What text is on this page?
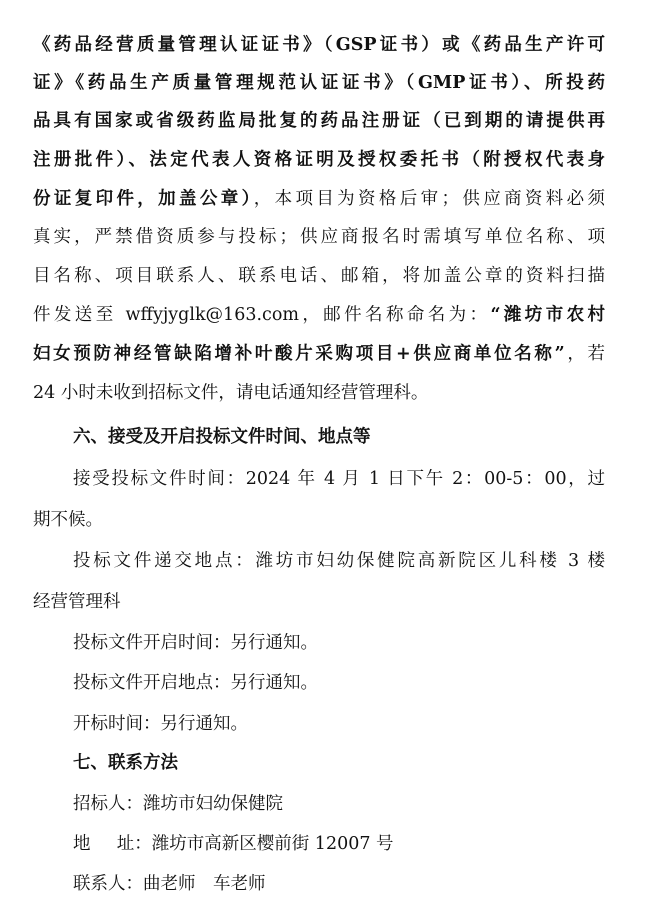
《药品经营质量管理认证证书》（GSP证书）或《药品生产许可
证》《药品生产质量管理规范认证证书》（GMP证书）、所投药
品具有国家或省级药监局批复的药品注册证（已到期的请提供再
注册批件）、法定代表人资格证明及授权委托书（附授权代表身
份证复印件，加盖公章），本项目为资格后审；供应商资料必须
真实，严禁借资质参与投标；供应商报名时需填写单位名称、项
目名称、项目联系人、联系电话、邮箱，将加盖公章的资料扫描
件发送至 wffyjyglk@163.com，邮件名称命名为：“潍坊市农村
妇女预防神经管缺陷增补叶酸片采购项目+供应商单位名称”，若
24 小时未收到招标文件，请电话通知经营管理科。
六、接受及开启投标文件时间、地点等
接受投标文件时间：2024 年 4 月 1 日下午 2：00-5：00，过
期不候。
投标文件递交地点：潍坊市妇幼保健院高新院区儿科楼 3 楼
经营管理科
投标文件开启时间：另行通知。
投标文件开启地点：另行通知。
开标时间：另行通知。
七、联系方法
招标人：潍坊市妇幼保健院
地址：潍坊市高新区樱前街 12007 号
联系人：曲老师　车老师
